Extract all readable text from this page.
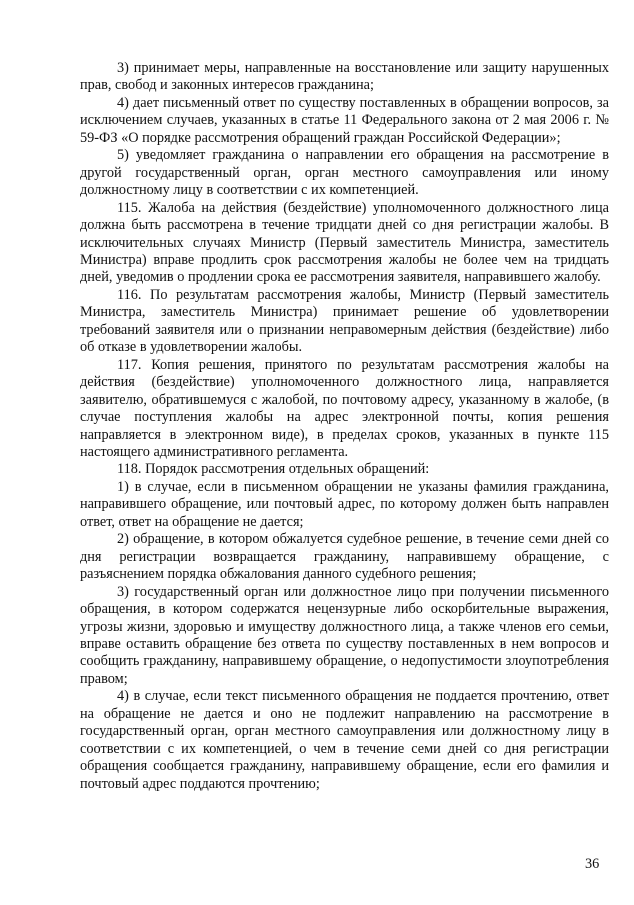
3) принимает меры, направленные на восстановление или защиту нарушенных прав, свобод и законных интересов гражданина;

4) дает письменный ответ по существу поставленных в обращении вопросов, за исключением случаев, указанных в статье 11 Федерального закона от 2 мая 2006 г. № 59-ФЗ «О порядке рассмотрения обращений граждан Российской Федерации»;

5) уведомляет гражданина о направлении его обращения на рассмотрение в другой государственный орган, орган местного самоуправления или иному должностному лицу в соответствии с их компетенцией.

115. Жалоба на действия (бездействие) уполномоченного должностного лица должна быть рассмотрена в течение тридцати дней со дня регистрации жалобы. В исключительных случаях Министр (Первый заместитель Министра, заместитель Министра) вправе продлить срок рассмотрения жалобы не более чем на тридцать дней, уведомив о продлении срока ее рассмотрения заявителя, направившего жалобу.

116. По результатам рассмотрения жалобы, Министр (Первый заместитель Министра, заместитель Министра) принимает решение об удовлетворении требований заявителя или о признании неправомерным действия (бездействие) либо об отказе в удовлетворении жалобы.

117. Копия решения, принятого по результатам рассмотрения жалобы на действия (бездействие) уполномоченного должностного лица, направляется заявителю, обратившемуся с жалобой, по почтовому адресу, указанному в жалобе, (в случае поступления жалобы на адрес электронной почты, копия решения направляется в электронном виде), в пределах сроков, указанных в пункте 115 настоящего административного регламента.

118. Порядок рассмотрения отдельных обращений:

1) в случае, если в письменном обращении не указаны фамилия гражданина, направившего обращение, или почтовый адрес, по которому должен быть направлен ответ, ответ на обращение не дается;

2) обращение, в котором обжалуется судебное решение, в течение семи дней со дня регистрации возвращается гражданину, направившему обращение, с разъяснением порядка обжалования данного судебного решения;

3) государственный орган или должностное лицо при получении письменного обращения, в котором содержатся нецензурные либо оскорбительные выражения, угрозы жизни, здоровью и имуществу должностного лица, а также членов его семьи, вправе оставить обращение без ответа по существу поставленных в нем вопросов и сообщить гражданину, направившему обращение, о недопустимости злоупотребления правом;

4) в случае, если текст письменного обращения не поддается прочтению, ответ на обращение не дается и оно не подлежит направлению на рассмотрение в государственный орган, орган местного самоуправления или должностному лицу в соответствии с их компетенцией, о чем в течение семи дней со дня регистрации обращения сообщается гражданину, направившему обращение, если его фамилия и почтовый адрес поддаются прочтению;

36
